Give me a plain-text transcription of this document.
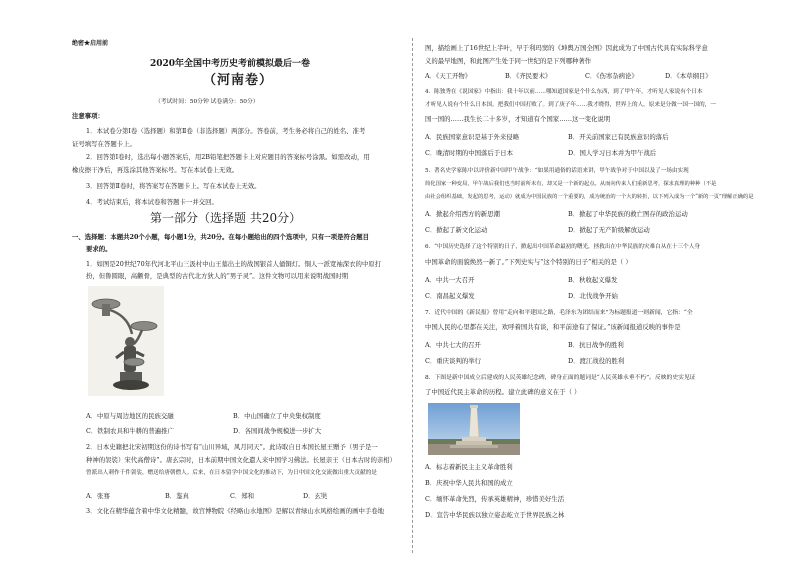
绝密★启用前
2020年全国中考历史考前模拟最后一卷
（河南卷）
（考试时间：50分钟 试卷满分：50分）
注意事项：
1．本试卷分第Ⅰ卷（选择题）和第Ⅱ卷（非选择题）两部分。答卷前，考生务必将自己的姓名、准考
证号填写在答题卡上。
2．回答第Ⅰ卷时，选出每小题答案后，用2B铅笔把答题卡上对应题目的答案标号涂黑。如需改动，用
橡皮擦干净后，再选涂其他答案标号。写在本试卷上无效。
3．回答第Ⅱ卷时，将答案写在答题卡上。写在本试卷上无效。
4．考试结束后，将本试卷和答题卡一并交回。
第一部分（选择题 共20分）
一、选择题：本题共20个小题，每小题1分，共20分。在每小题给出的四个选项中，只有一项是符合题目
要求的。
1．如图是20世纪70年代河北平山三汲村中山王墓出土的战国银首人俑铜灯。铜人一派宽袖深衣的中原打
扮，但鲁圆眼，高颧骨，是典型的古代北方狄人的“男子灵”。这件文物可以用来说明战国时期
A．中原与周边地区的民族交融	B．中山国确立了中央集权制度
C．铁制农具和牛耕的普遍推广	D．各国间战争规模进一步扩大
2．日本史籍把北宋初期这份的诗书写有“山川异域，风月同天”。此诗取自日本国长屋王赠予（男子是一
种神的袈裟）宋代高僧诗”。唐玄宗时，日本前期中国文化遣人来中国学习佛法。长屋亲王（日本古时的亲相）
曾派出人刺作千件袈裟，赠送给唐朝僧人。后来，在日本留学中国文化的推动下，为日中国文化交流做出重大贡献的是
A．张骞	B．鉴真	C．郑和	D．玄奘
3．文化在精华蕴含着中华文化精髓，故宫博物院《经略山水地图》是解以青绿山水风格绘画的画中手卷地
图，描绘画上了16世纪上半叶，早于利玛窦的《坤舆万国全图》因此成为了中国古代具有实际科学意
义的最早地图，和此图产生处于同一世纪的是下列哪种著作
A．《天工开物》	B．《齐民要术》	C．《伤寒杂病论》	D．《本草纲目》
4．陈独秀在《说国家》中指出：我十年以前……哪知道国家是个什么东西，到了甲午年，才听见人家说有个日本
才听见人说有个什么日本国，把我们中国打败了。到了庚子年……我才晓得，世界上的人，原来是分做一国一国的，一
国一国的……我生长二十多岁，才知道有个国家……这一变化说明
A．民族国家意识是基于外来侵略	B．开关前国家已有民族意识的落后
C．晚清时期的中国落后于日本	D．国人学习日本并为甲午战后
5．著名史学家陈中以评价新中国甲午战争：“如果用通俗的话语来讲，甲午战争对于中国以及了一场由实现
简化国家一种变局，甲午战后我们也当时前所未有，却又是一个新的起点。从而向传来人们重新思考，探求真理的种种（不是
由社会组织基础，发起的思考，运动）就成为中国民族的一个重要的，成为统治的一个大的转折，以下列入成为一个“新的一页”理解正确的是
A．掀起介绍西方的新思潮	B．掀起了中华民族的救亡图存的政治运动
C．掀起了新文化运动	D．掀起了无产阶级解放运动
6．“中国历史选择了这个特别的日子，掀起出中国革命最初的曙光，拯救出在中华民族的灾难白从在十三个人身
中国革命的面貌焕然一新了。”下列史实与“这个特别的日子”相关的是（ ）
A．中共一大召开	B．秋收起义爆发
C．南昌起义爆发	D．北伐战争开始
7．近代中国的《新民报》曾用“走向和平建国之路，毛泽东为团结而来”为标题报道一则新闻，它指：“全
中国人民的心里都在关注，欢呼着国共有谈，和平前途有了保证。”该新闻报道反映的事件是
A．中共七大的召开	B．抗日战争的胜利
C．重庆谈判的举行	D．渡江战役的胜利
8．下图是新中国成立后建成的人民英雄纪念碑，碑身正面的题词是“人民英雄永垂不朽”。反映的史实见证
了中国近代民主革命的历程。建立此碑的意义在于（ ）
A．标志着新民主主义革命胜利
B．庆祝中华人民共和国的成立
C．缅怀革命先烈，传承英雄精神，珍惜美好生活
D．宣告中华民族以独立姿态屹立于世界民族之林
